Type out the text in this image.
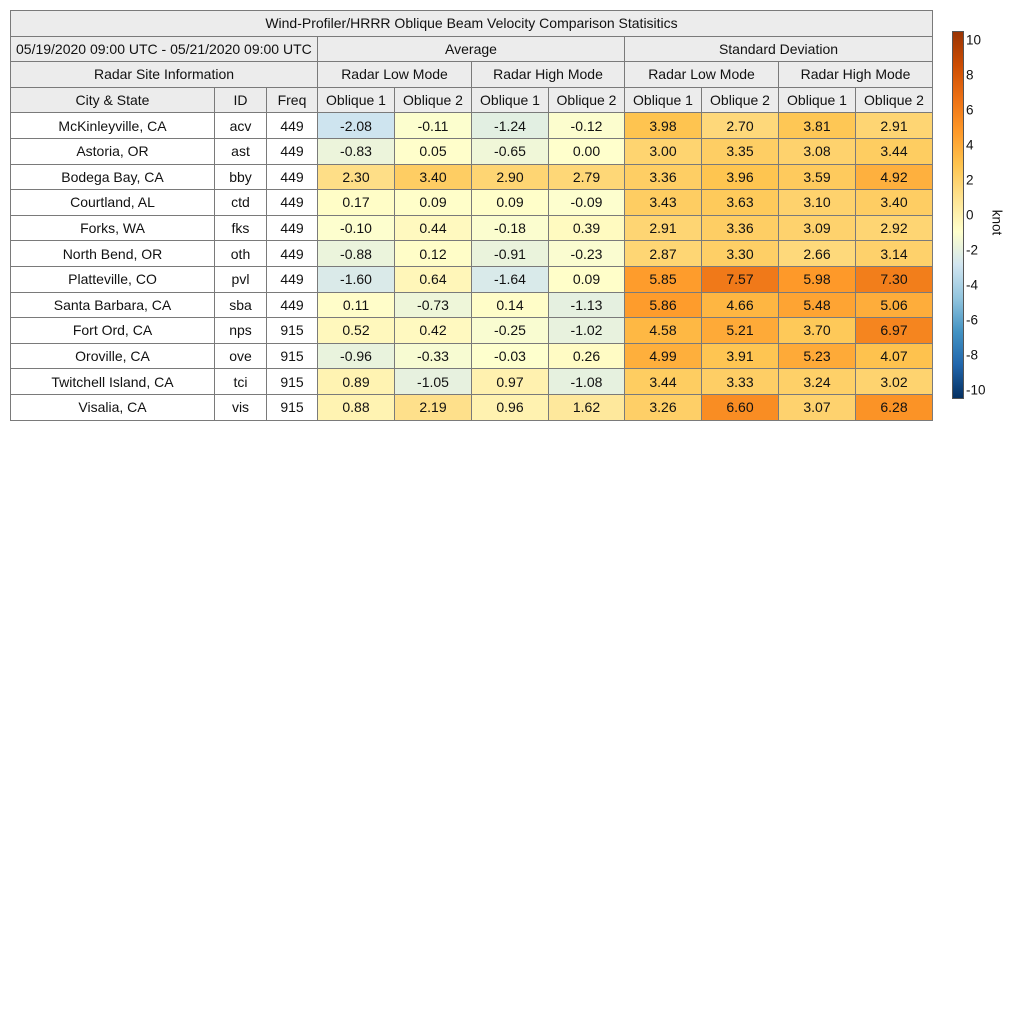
Wind-Profiler/HRRR Oblique Beam Velocity Comparison Statisitics										
05/19/2020 09:00 UTC - 05/21/2020 09:00 UTC			Average				Standard Deviation			
Radar Site Information			Radar Low Mode		Radar High Mode		Radar Low Mode		Radar High Mode	
City & State	ID	Freq	Oblique 1	Oblique 2	Oblique 1	Oblique 2	Oblique 1	Oblique 2	Oblique 1	Oblique 2
McKinleyville, CA	acv	449	-2.08	-0.11	-1.24	-0.12	3.98	2.70	3.81	2.91
Astoria, OR	ast	449	-0.83	0.05	-0.65	0.00	3.00	3.35	3.08	3.44
Bodega Bay, CA	bby	449	2.30	3.40	2.90	2.79	3.36	3.96	3.59	4.92
Courtland, AL	ctd	449	0.17	0.09	0.09	-0.09	3.43	3.63	3.10	3.40
Forks, WA	fks	449	-0.10	0.44	-0.18	0.39	2.91	3.36	3.09	2.92
North Bend, OR	oth	449	-0.88	0.12	-0.91	-0.23	2.87	3.30	2.66	3.14
Platteville, CO	pvl	449	-1.60	0.64	-1.64	0.09	5.85	7.57	5.98	7.30
Santa Barbara, CA	sba	449	0.11	-0.73	0.14	-1.13	5.86	4.66	5.48	5.06
Fort Ord, CA	nps	915	0.52	0.42	-0.25	-1.02	4.58	5.21	3.70	6.97
Oroville, CA	ove	915	-0.96	-0.33	-0.03	0.26	4.99	3.91	5.23	4.07
Twitchell Island, CA	tci	915	0.89	-1.05	0.97	-1.08	3.44	3.33	3.24	3.02
Visalia, CA	vis	915	0.88	2.19	0.96	1.62	3.26	6.60	3.07	6.28
10
8
6
4
2
0
-2
-4
-6
-8
-10
knot
